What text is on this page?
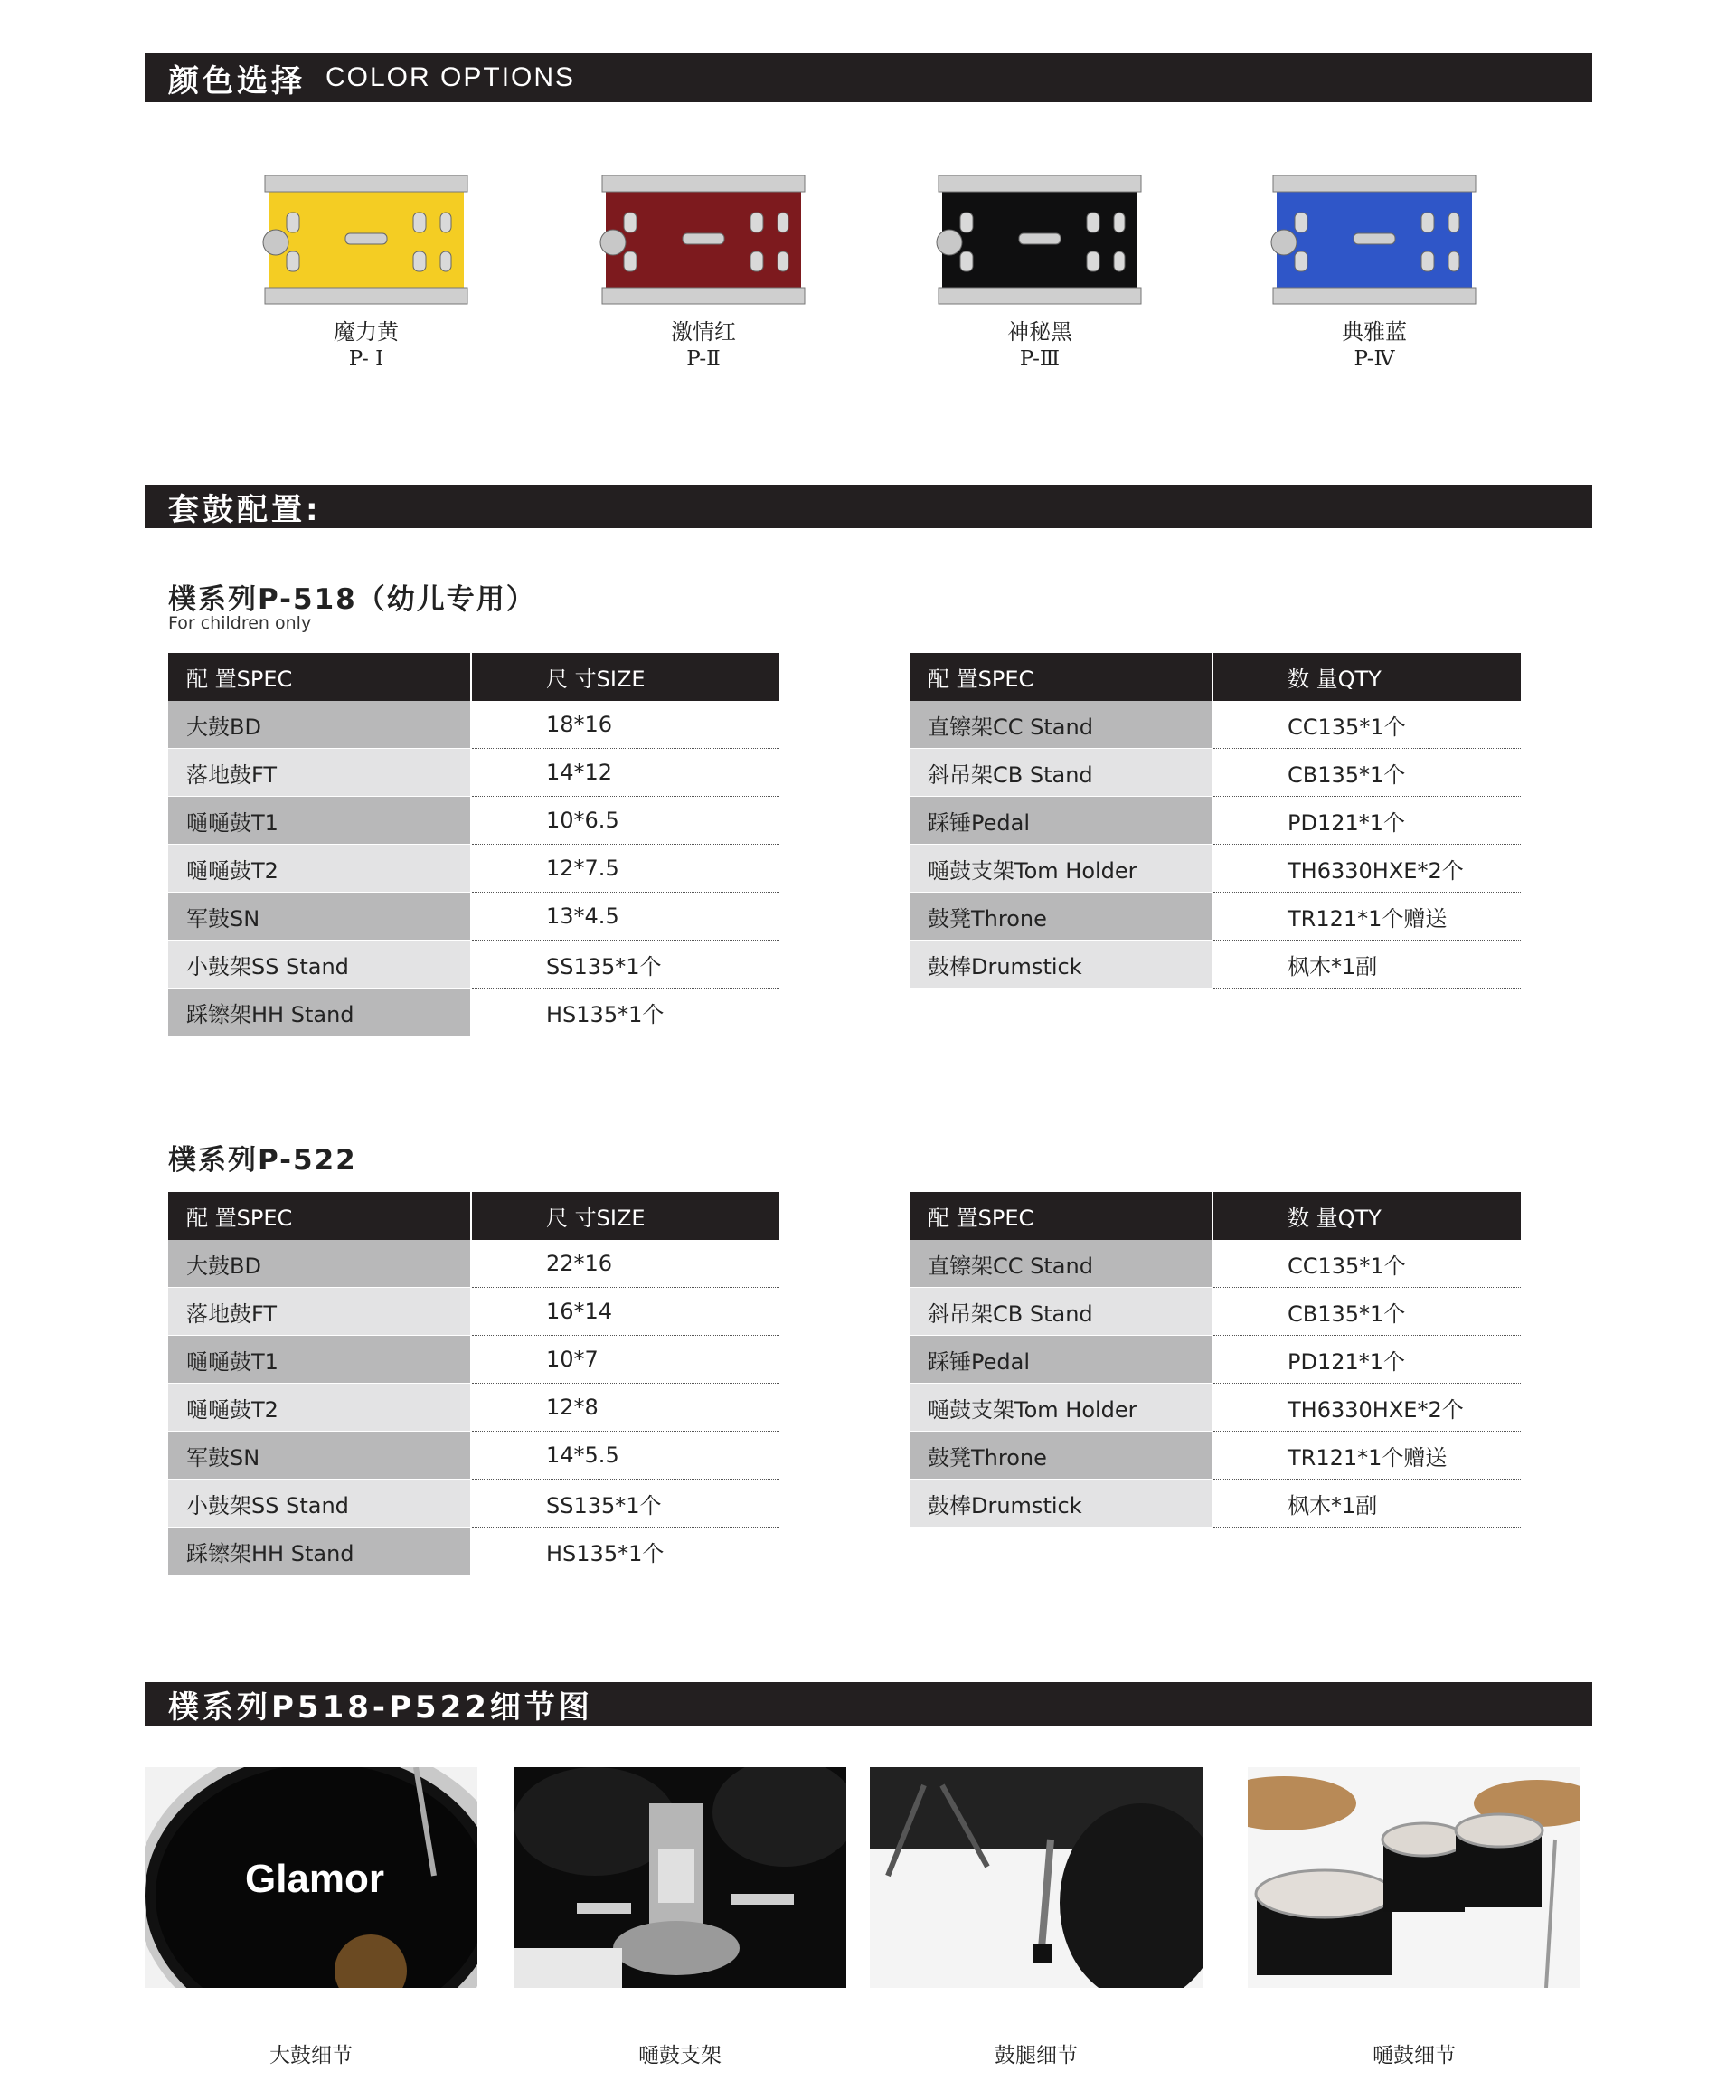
颜色选择 COLOR OPTIONS
魔力黄
P- Ⅰ
激情红
P-Ⅱ
神秘黑
P-Ⅲ
典雅蓝
P-Ⅳ
套鼓配置:
樸系列P-518（幼儿专用）
For children only
配 置SPEC	尺 寸SIZE
大鼓BD	18*16
落地鼓FT	14*12
嗵嗵鼓T1	10*6.5
嗵嗵鼓T2	12*7.5
军鼓SN	13*4.5
小鼓架SS Stand	SS135*1个
踩镲架HH Stand	HS135*1个
配 置SPEC	数 量QTY
直镲架CC Stand	CC135*1个
斜吊架CB Stand	CB135*1个
踩锤Pedal	PD121*1个
嗵鼓支架Tom Holder	TH6330HXE*2个
鼓凳Throne	TR121*1个赠送
鼓棒Drumstick	枫木*1副
樸系列P-522
配 置SPEC	尺 寸SIZE
大鼓BD	22*16
落地鼓FT	16*14
嗵嗵鼓T1	10*7
嗵嗵鼓T2	12*8
军鼓SN	14*5.5
小鼓架SS Stand	SS135*1个
踩镲架HH Stand	HS135*1个
配 置SPEC	数 量QTY
直镲架CC Stand	CC135*1个
斜吊架CB Stand	CB135*1个
踩锤Pedal	PD121*1个
嗵鼓支架Tom Holder	TH6330HXE*2个
鼓凳Throne	TR121*1个赠送
鼓棒Drumstick	枫木*1副
樸系列P518-P522细节图
Glamor
大鼓细节	嗵鼓支架	鼓腿细节	嗵鼓细节
